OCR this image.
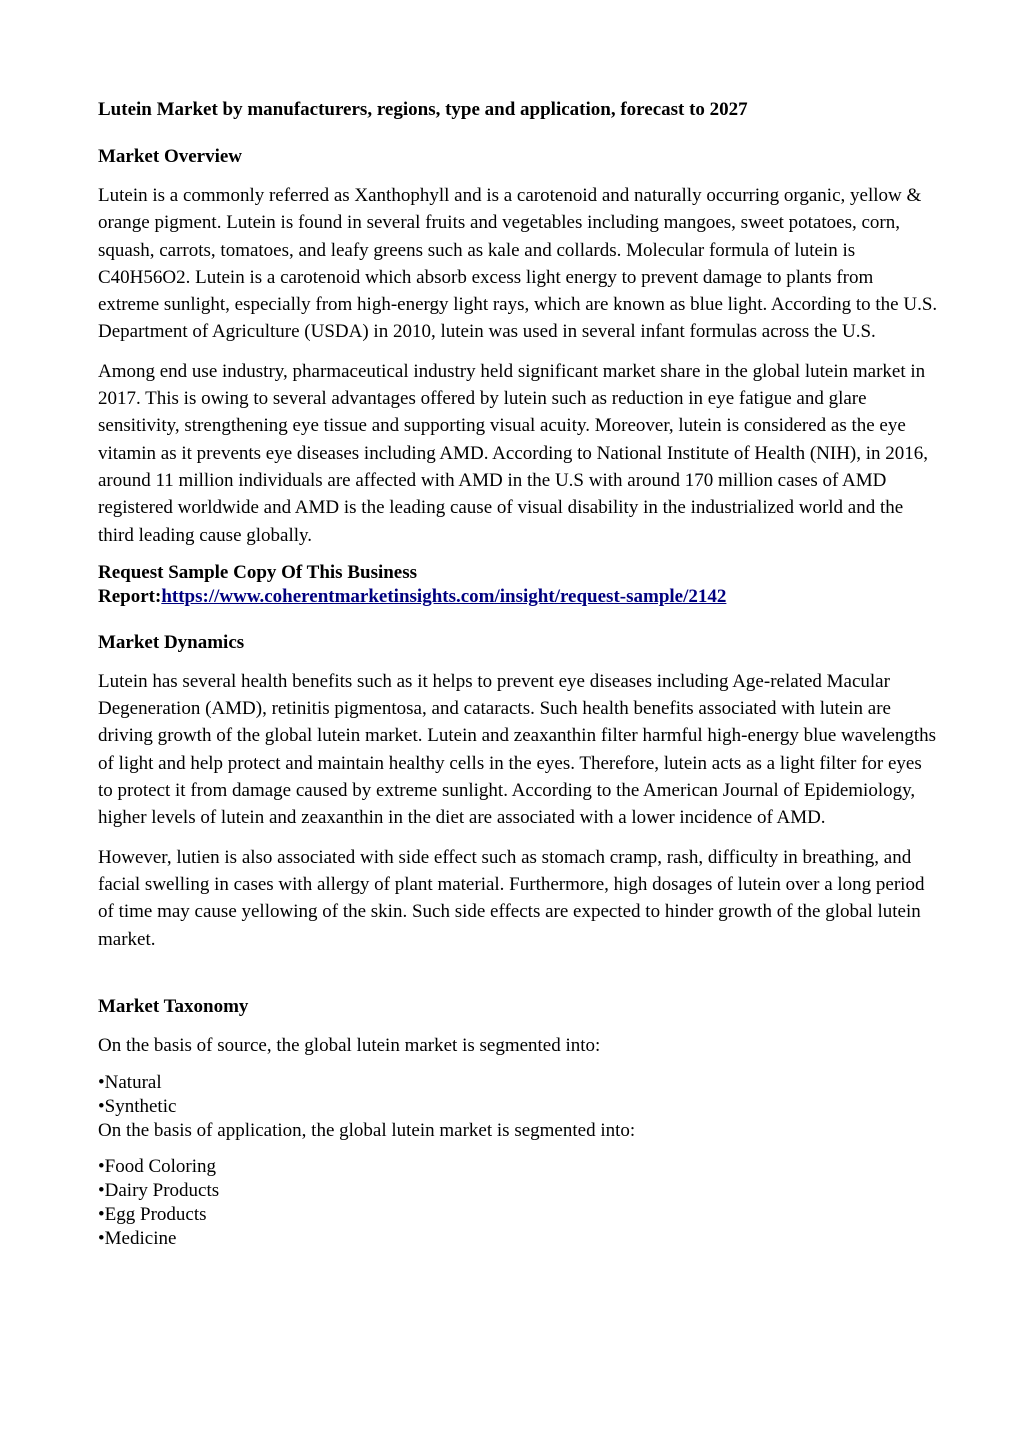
Lutein Market by manufacturers, regions, type and application, forecast to 2027
Market Overview

Lutein is a commonly referred as Xanthophyll and is a carotenoid and naturally occurring organic, yellow & orange pigment. Lutein is found in several fruits and vegetables including mangoes, sweet potatoes, corn, squash, carrots, tomatoes, and leafy greens such as kale and collards. Molecular formula of lutein is C40H56O2. Lutein is a carotenoid which absorb excess light energy to prevent damage to plants from extreme sunlight, especially from high-energy light rays, which are known as blue light. According to the U.S. Department of Agriculture (USDA) in 2010, lutein was used in several infant formulas across the U.S.

Among end use industry, pharmaceutical industry held significant market share in the global lutein market in 2017. This is owing to several advantages offered by lutein such as reduction in eye fatigue and glare sensitivity, strengthening eye tissue and supporting visual acuity. Moreover, lutein is considered as the eye vitamin as it prevents eye diseases including AMD. According to National Institute of Health (NIH), in 2016, around 11 million individuals are affected with AMD in the U.S with around 170 million cases of AMD registered worldwide and AMD is the leading cause of visual disability in the industrialized world and the third leading cause globally.

Request Sample Copy Of This Business
Report:https://www.coherentmarketinsights.com/insight/request-sample/2142
Market Dynamics

Lutein has several health benefits such as it helps to prevent eye diseases including Age-related Macular Degeneration (AMD), retinitis pigmentosa, and cataracts. Such health benefits associated with lutein are driving growth of the global lutein market. Lutein and zeaxanthin filter harmful high-energy blue wavelengths of light and help protect and maintain healthy cells in the eyes. Therefore, lutein acts as a light filter for eyes to protect it from damage caused by extreme sunlight. According to the American Journal of Epidemiology, higher levels of lutein and zeaxanthin in the diet are associated with a lower incidence of AMD.

However, lutien is also associated with side effect such as stomach cramp, rash, difficulty in breathing, and facial swelling in cases with allergy of plant material. Furthermore, high dosages of lutein over a long period of time may cause yellowing of the skin. Such side effects are expected to hinder growth of the global lutein market.

Market Taxonomy

On the basis of source, the global lutein market is segmented into:

• Natural
• Synthetic
On the basis of application, the global lutein market is segmented into:
• Food Coloring
• Dairy Products
• Egg Products
• Medicine
